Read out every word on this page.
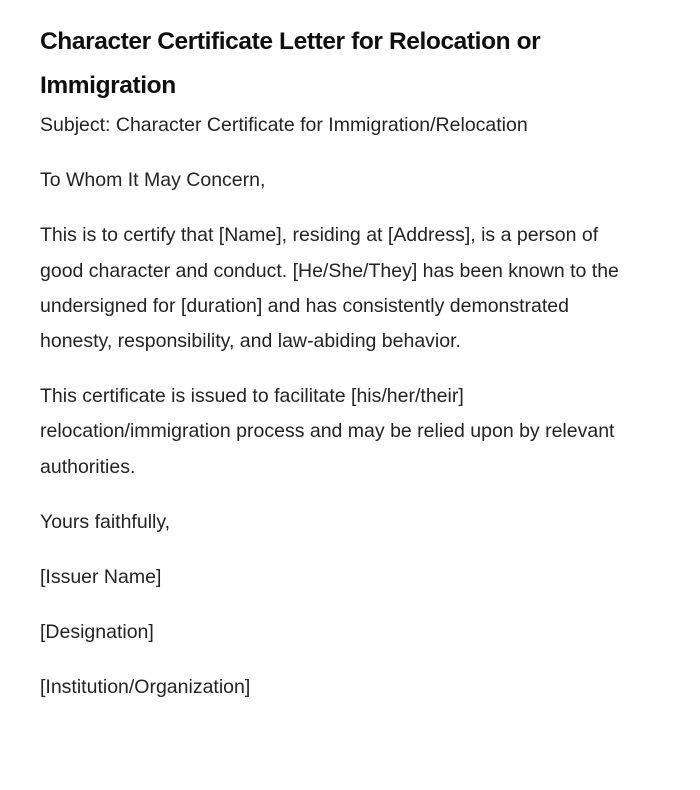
Character Certificate Letter for Relocation or Immigration

Subject: Character Certificate for Immigration/Relocation

To Whom It May Concern,

This is to certify that [Name], residing at [Address], is a person of good character and conduct. [He/She/They] has been known to the undersigned for [duration] and has consistently demonstrated honesty, responsibility, and law-abiding behavior.

This certificate is issued to facilitate [his/her/their] relocation/immigration process and may be relied upon by relevant authorities.

Yours faithfully,

[Issuer Name]

[Designation]

[Institution/Organization]
